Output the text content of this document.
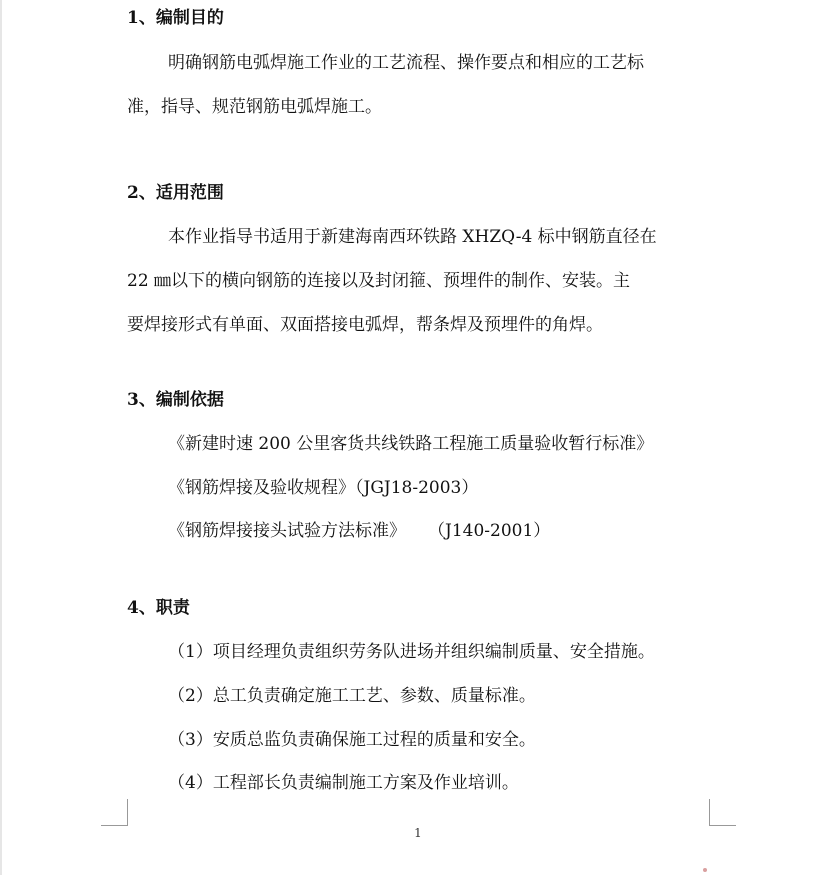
1、编制目的
明确钢筋电弧焊施工作业的工艺流程、操作要点和相应的工艺标
准，指导、规范钢筋电弧焊施工。
2、适用范围
本作业指导书适用于新建海南西环铁路 XHZQ-4 标中钢筋直径在
22 ㎜以下的横向钢筋的连接以及封闭箍、预埋件的制作、安装。主
要焊接形式有单面、双面搭接电弧焊，帮条焊及预埋件的角焊。
3、编制依据
《新建时速 200 公里客货共线铁路工程施工质量验收暂行标准》
《钢筋焊接及验收规程》（JGJ18-2003）
《钢筋焊接接头试验方法标准》 （J140-2001）
4、职责
（1）项目经理负责组织劳务队进场并组织编制质量、安全措施。
（2）总工负责确定施工工艺、参数、质量标准。
（3）安质总监负责确保施工过程的质量和安全。
（4）工程部长负责编制施工方案及作业培训。
1
